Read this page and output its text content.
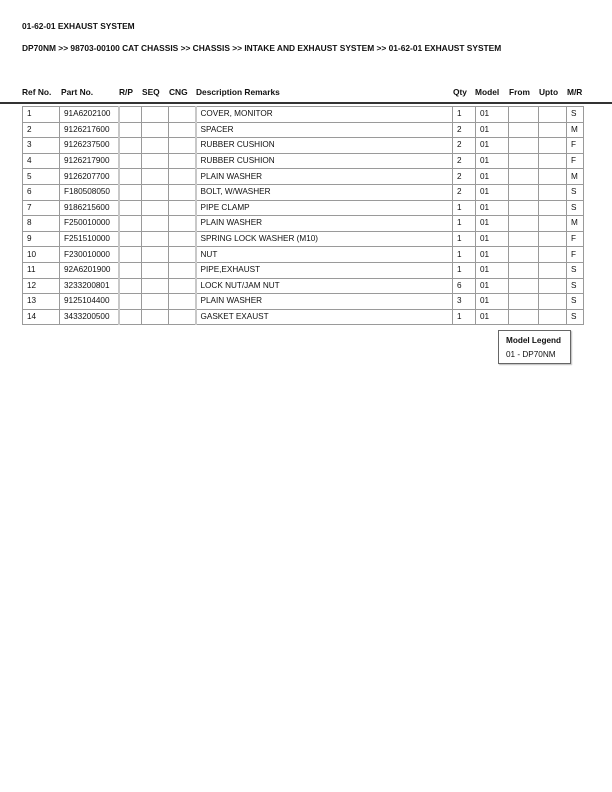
01-62-01 EXHAUST SYSTEM
DP70NM >> 98703-00100 CAT CHASSIS >> CHASSIS >> INTAKE AND EXHAUST SYSTEM >> 01-62-01 EXHAUST SYSTEM
Ref No. Part No.	R/P SEQ CNG Description Remarks	Qty Model From Upto M/R
1	91A6202100				COVER, MONITOR	1	01			S
2	9126217600				SPACER	2	01			M
3	9126237500				RUBBER CUSHION	2	01			F
4	9126217900				RUBBER CUSHION	2	01			F
5	9126207700				PLAIN WASHER	2	01			M
6	F180508050				BOLT, W/WASHER	2	01			S
7	9186215600				PIPE CLAMP	1	01			S
8	F250010000				PLAIN WASHER	1	01			M
9	F251510000				SPRING LOCK WASHER (M10)	1	01			F
10	F230010000				NUT	1	01			F
11	92A6201900				PIPE,EXHAUST	1	01			S
12	3233200801				LOCK NUT/JAM NUT	6	01			S
13	9125104400				PLAIN WASHER	3	01			S
14	3433200500				GASKET EXAUST	1	01			S
Model Legend
01 - DP70NM
